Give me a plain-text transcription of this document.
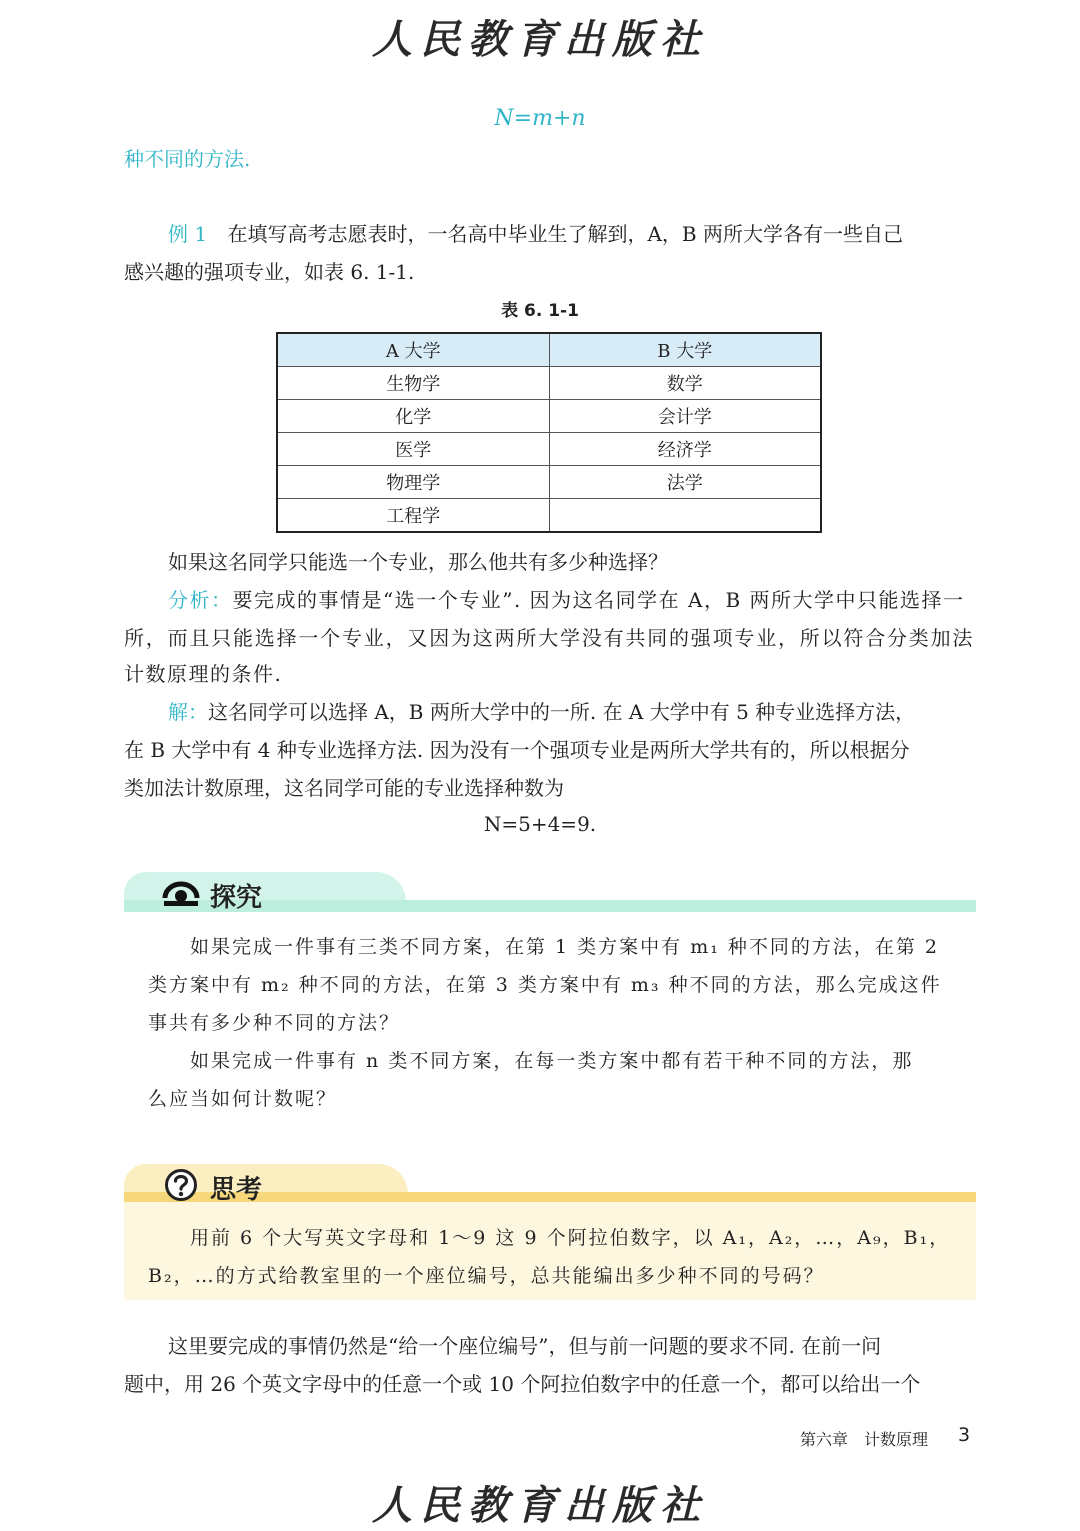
人民教育出版社
N=m+n
种不同的方法.
例 1 在填写高考志愿表时，一名高中毕业生了解到，A，B 两所大学各有一些自己
感兴趣的强项专业，如表 6. 1-1.
表 6. 1-1
A 大学	B 大学
生物学	数学
化学	会计学
医学	经济学
物理学	法学
工程学	
如果这名同学只能选一个专业，那么他共有多少种选择？
分析：要完成的事情是“选一个专业”. 因为这名同学在 A，B 两所大学中只能选择一
所，而且只能选择一个专业，又因为这两所大学没有共同的强项专业，所以符合分类加法
计数原理的条件.
解：这名同学可以选择 A，B 两所大学中的一所. 在 A 大学中有 5 种专业选择方法，
在 B 大学中有 4 种专业选择方法. 因为没有一个强项专业是两所大学共有的，所以根据分
类加法计数原理，这名同学可能的专业选择种数为
N=5+4=9.
探究
如果完成一件事有三类不同方案，在第 1 类方案中有 m₁ 种不同的方法，在第 2
类方案中有 m₂ 种不同的方法，在第 3 类方案中有 m₃ 种不同的方法，那么完成这件
事共有多少种不同的方法？
如果完成一件事有 n 类不同方案，在每一类方案中都有若干种不同的方法，那
么应当如何计数呢？
思考
用前 6 个大写英文字母和 1～9 这 9 个阿拉伯数字，以 A₁，A₂，…，A₉，B₁，
B₂，…的方式给教室里的一个座位编号，总共能编出多少种不同的号码？
这里要完成的事情仍然是“给一个座位编号”，但与前一问题的要求不同. 在前一问
题中，用 26 个英文字母中的任意一个或 10 个阿拉伯数字中的任意一个，都可以给出一个
第六章　计数原理 3
人民教育出版社
